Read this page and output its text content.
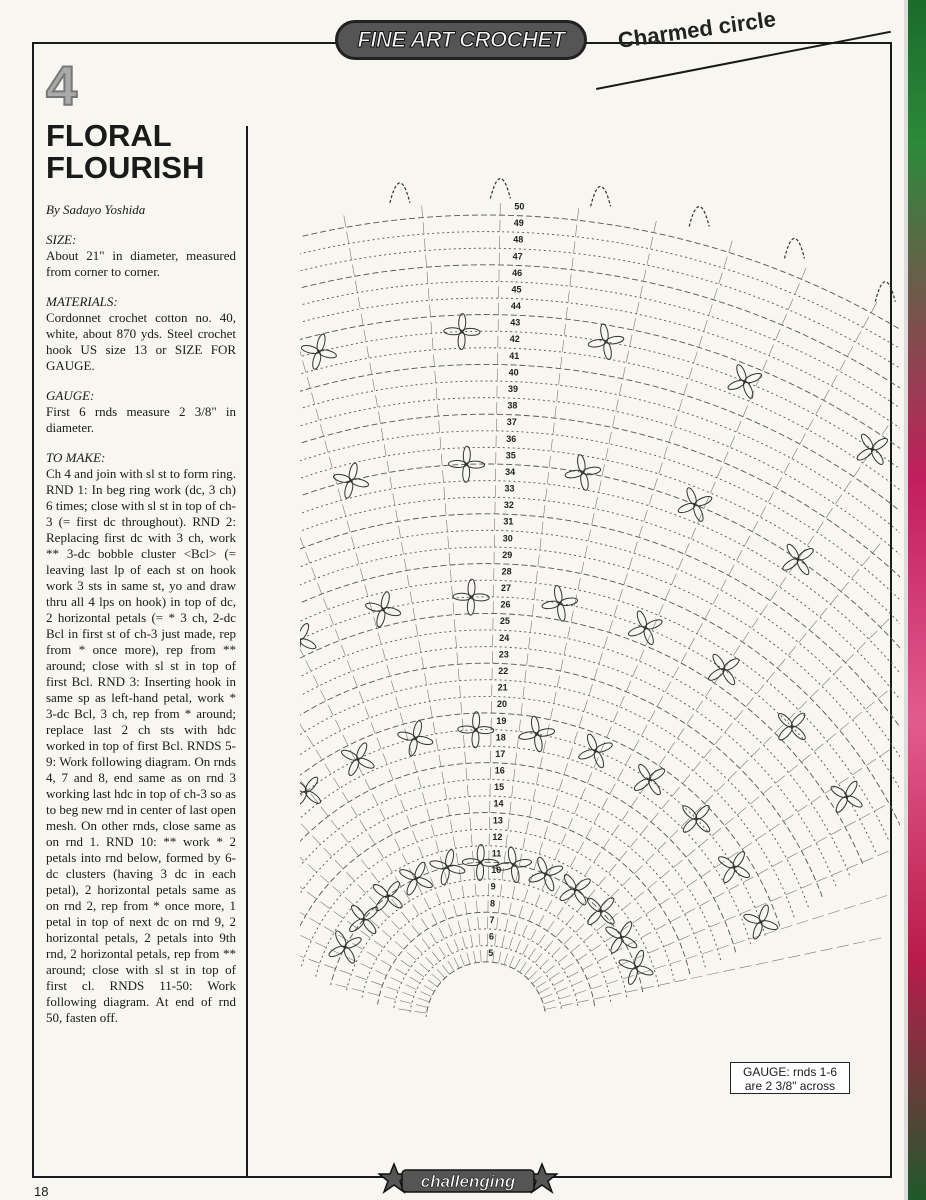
FINE ART CROCHET Charmed circle
4
FLORAL
FLOURISH
By Sadayo Yoshida

SIZE:

About 21" in diameter, measured from corner to corner.

MATERIALS:

Cordonnet crochet cotton no. 40, white, about 870 yds. Steel crochet hook US size 13 or SIZE FOR GAUGE.

GAUGE:

First 6 rnds measure 2 3/8" in diameter.

TO MAKE:

Ch 4 and join with sl st to form ring. RND 1: In beg ring work (dc, 3 ch) 6 times; close with sl st in top of ch-3 (= first dc throughout). RND 2: Replacing first dc with 3 ch, work ** 3-dc bobble cluster <Bcl> (= leaving last lp of each st on hook work 3 sts in same st, yo and draw thru all 4 lps on hook) in top of dc, 2 horizontal petals (= * 3 ch, 2-dc Bcl in first st of ch-3 just made, rep from * once more), rep from ** around; close with sl st in top of first Bcl. RND 3: Inserting hook in same sp as left-hand petal, work * 3-dc Bcl, 3 ch, rep from * around; replace last 2 ch sts with hdc worked in top of first Bcl. RNDS 5-9: Work following diagram. On rnds 4, 7 and 8, end same as on rnd 3 working last hdc in top of ch-3 so as to beg new rnd in center of last open mesh. On other rnds, close same as on rnd 1. RND 10: ** work * 2 petals into rnd below, formed by 6-dc clusters (having 3 dc in each petal), 2 horizontal petals same as on rnd 2, rep from * once more, 1 petal in top of next dc on rnd 9, 2 horizontal petals, 2 petals into 9th rnd, 2 horizontal petals, rep from ** around; close with sl st in top of first cl. RNDS 11-50: Work following diagram. At end of rnd 50, fasten off.

5
6
7
8
9
10
11
12
13
14
15
16
17
18
19
20
21
22
23
24
25
26
27
28
29
30
31
32
33
34
35
36
37
38
39
40
41
42
43
44
45
46
47
48
49
50
GAUGE: rnds 1-6
are 2 3/8" across
challenging
18
